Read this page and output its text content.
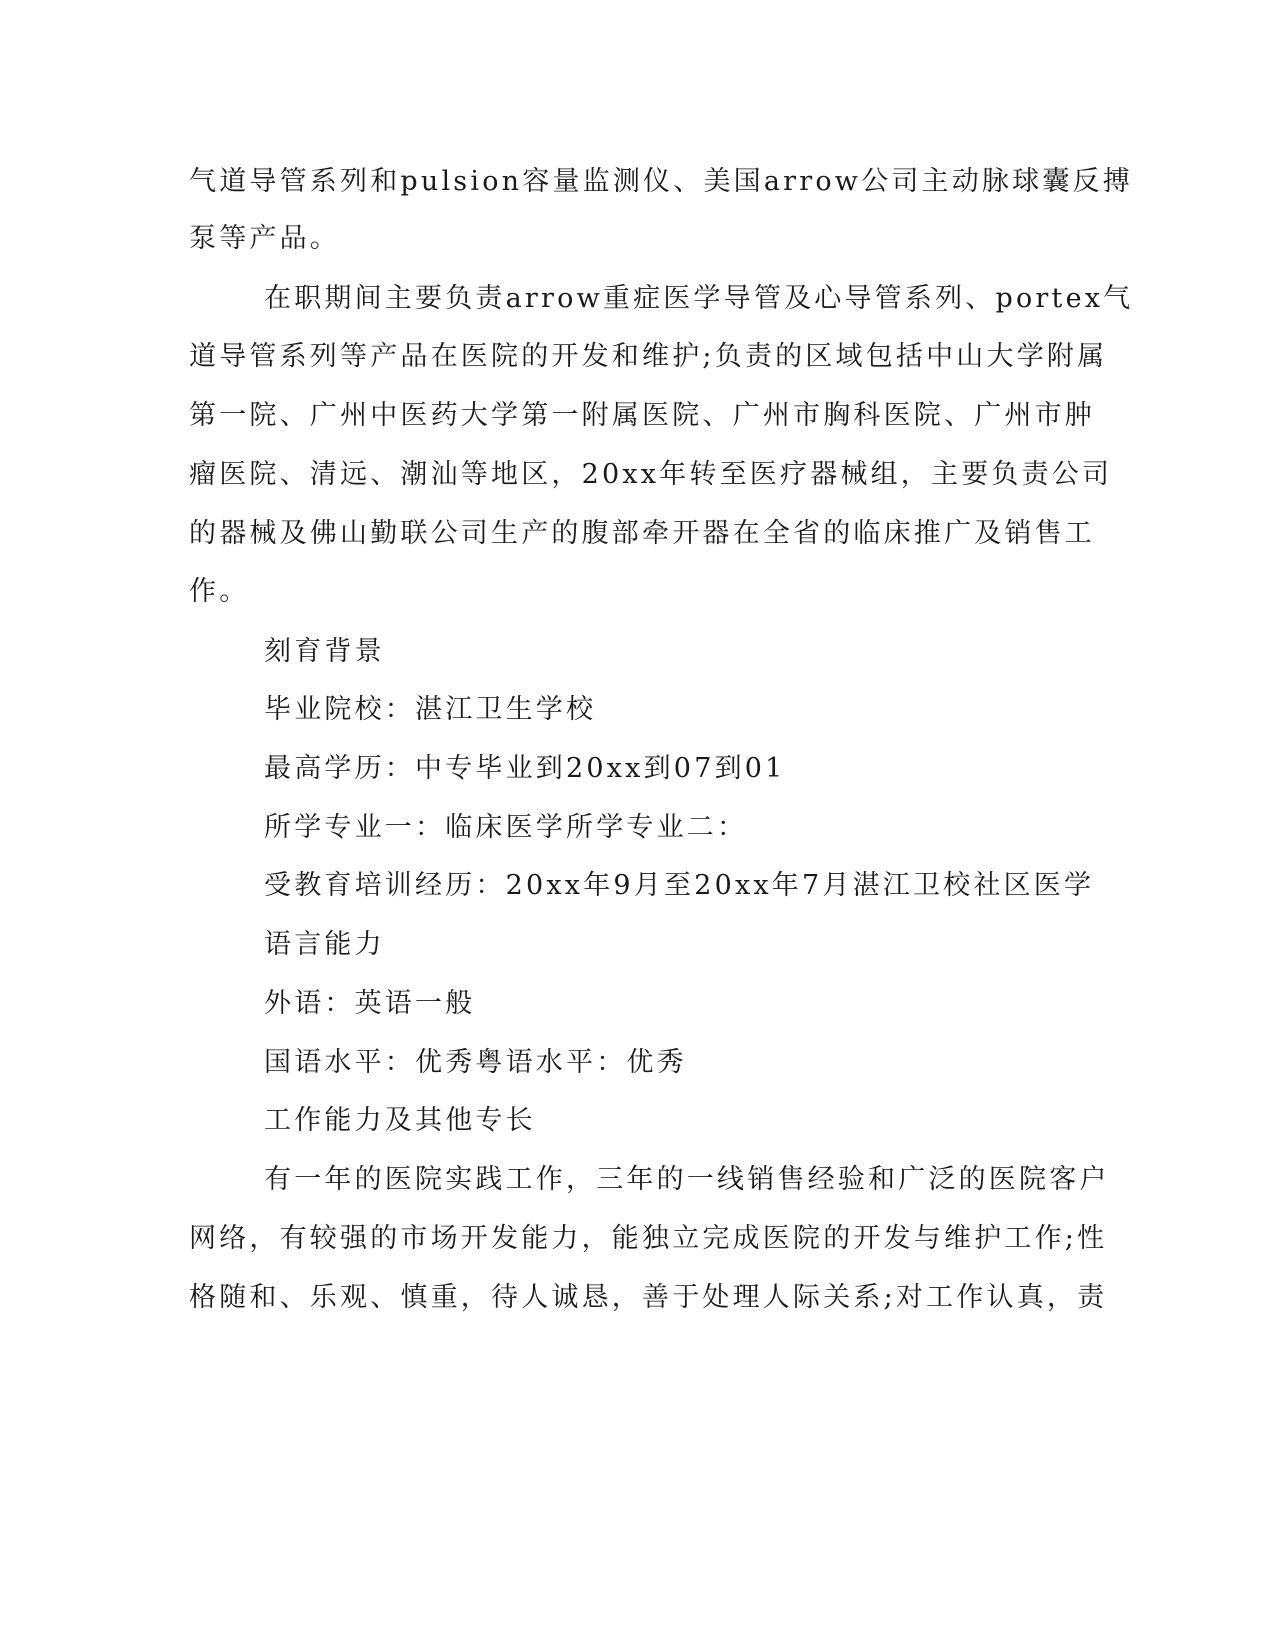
气道导管系列和pulsion容量监测仪、美国arrow公司主动脉球囊反搏
泵等产品。
在职期间主要负责arrow重症医学导管及心导管系列、portex气
道导管系列等产品在医院的开发和维护;负责的区域包括中山大学附属
第一院、广州中医药大学第一附属医院、广州市胸科医院、广州市肿
瘤医院、清远、潮汕等地区，20xx年转至医疗器械组，主要负责公司
的器械及佛山勤联公司生产的腹部牵开器在全省的临床推广及销售工
作。
刻育背景
毕业院校：湛江卫生学校
最高学历：中专毕业到20xx到07到01
所学专业一：临床医学所学专业二：
受教育培训经历：20xx年9月至20xx年7月湛江卫校社区医学
语言能力
外语：英语一般
国语水平：优秀粤语水平：优秀
工作能力及其他专长
有一年的医院实践工作，三年的一线销售经验和广泛的医院客户
网络，有较强的市场开发能力，能独立完成医院的开发与维护工作;性
格随和、乐观、慎重，待人诚恳，善于处理人际关系;对工作认真，责
